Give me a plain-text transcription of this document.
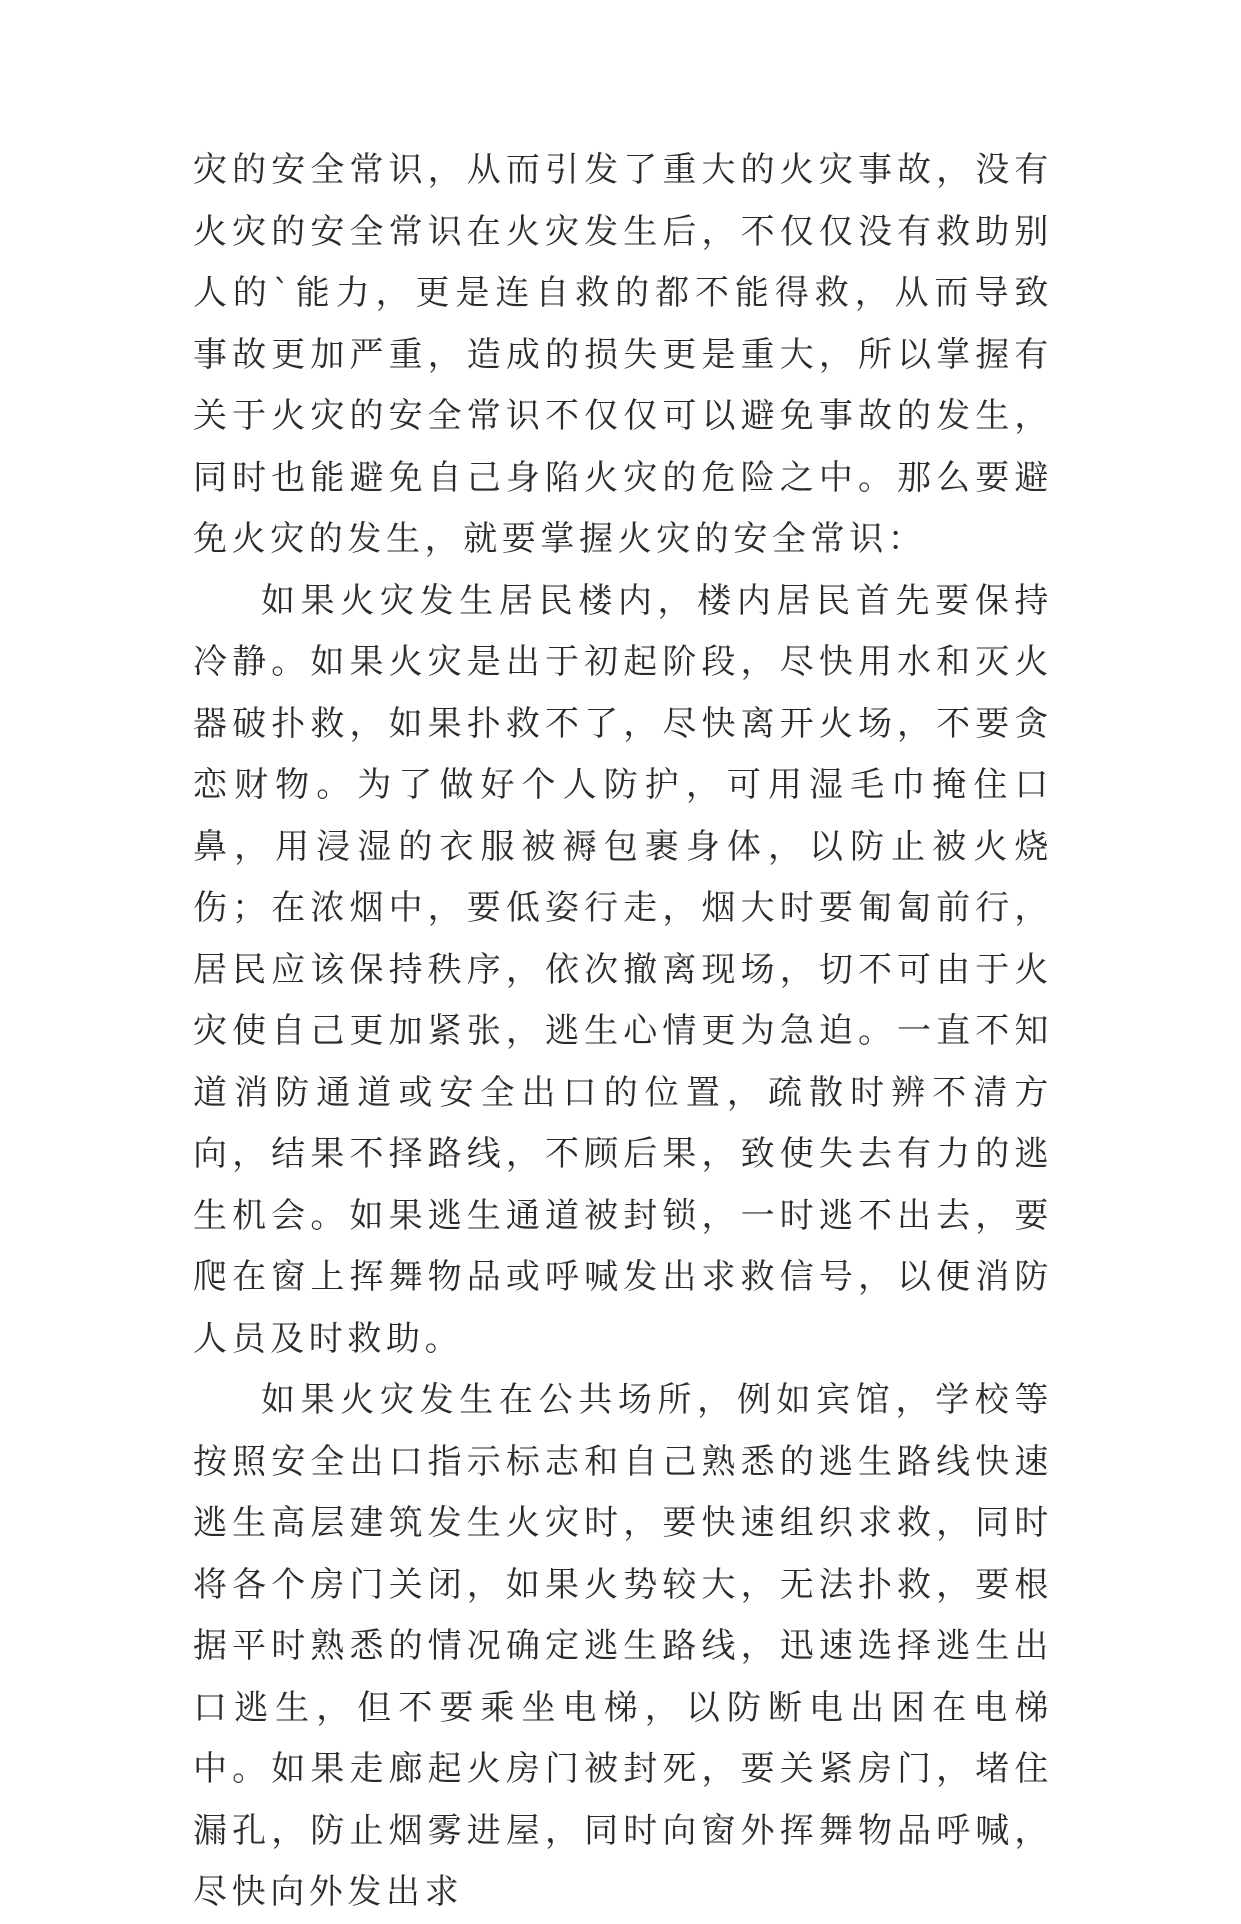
灾的安全常识，从而引发了重大的火灾事故，没有火灾的安全常识在火灾发生后，不仅仅没有救助别人的`能力，更是连自救的都不能得救，从而导致事故更加严重，造成的损失更是重大，所以掌握有关于火灾的安全常识不仅仅可以避免事故的发生，同时也能避免自己身陷火灾的危险之中。那么要避免火灾的发生，就要掌握火灾的安全常识：

如果火灾发生居民楼内，楼内居民首先要保持冷静。如果火灾是出于初起阶段，尽快用水和灭火器破扑救，如果扑救不了，尽快离开火场，不要贪恋财物。为了做好个人防护，可用湿毛巾掩住口鼻，用浸湿的衣服被褥包裹身体，以防止被火烧伤；在浓烟中，要低姿行走，烟大时要匍匐前行，居民应该保持秩序，依次撤离现场，切不可由于火灾使自己更加紧张，逃生心情更为急迫。一直不知道消防通道或安全出口的位置，疏散时辨不清方向，结果不择路线，不顾后果，致使失去有力的逃生机会。如果逃生通道被封锁，一时逃不出去，要爬在窗上挥舞物品或呼喊发出求救信号，以便消防人员及时救助。

如果火灾发生在公共场所，例如宾馆，学校等按照安全出口指示标志和自己熟悉的逃生路线快速逃生高层建筑发生火灾时，要快速组织求救，同时将各个房门关闭，如果火势较大，无法扑救，要根据平时熟悉的情况确定逃生路线，迅速选择逃生出口逃生，但不要乘坐电梯，以防断电出困在电梯中。如果走廊起火房门被封死，要关紧房门，堵住漏孔，防止烟雾进屋，同时向窗外挥舞物品呼喊，尽快向外发出求
